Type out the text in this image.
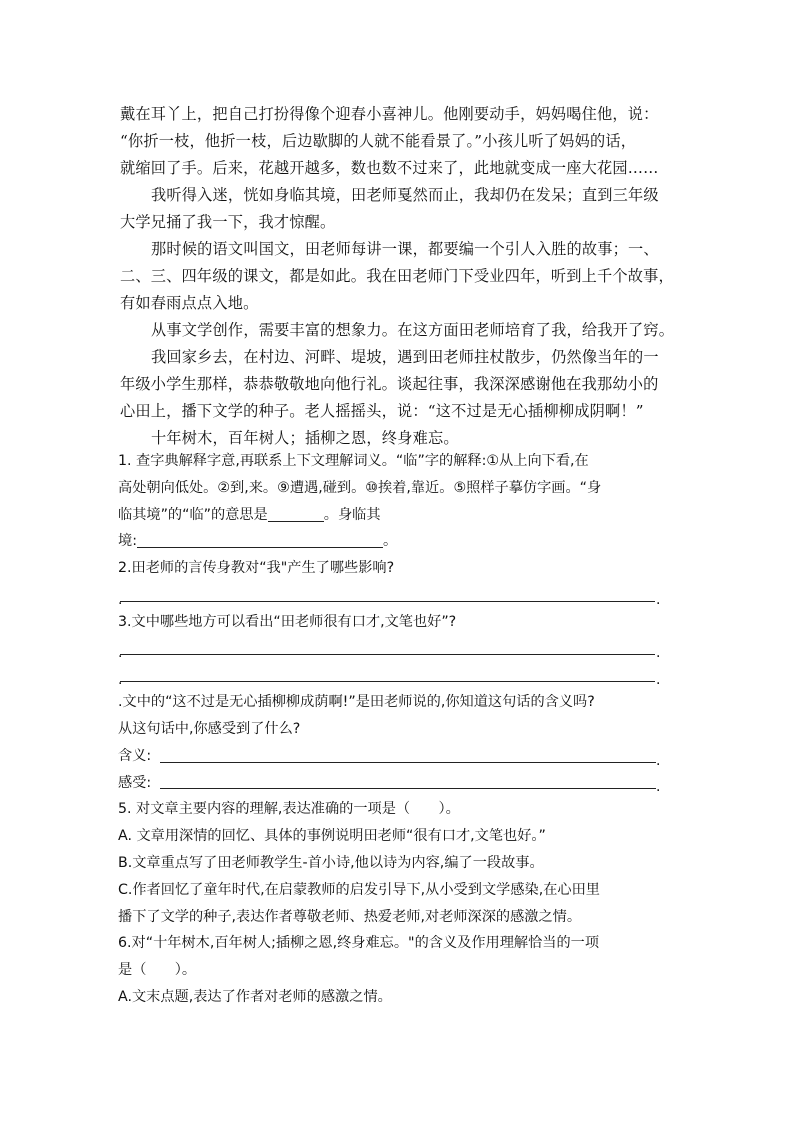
戴在耳丫上，把自己打扮得像个迎春小喜神儿。他刚要动手，妈妈喝住他，说：

“你折一枝，他折一枝，后边歇脚的人就不能看景了。”小孩儿听了妈妈的话，

就缩回了手。后来，花越开越多，数也数不过来了，此地就变成一座大花园……

我听得入迷，恍如身临其境，田老师戛然而止，我却仍在发呆；直到三年级

大学兄捅了我一下，我才惊醒。

那时候的语文叫国文，田老师每讲一课，都要编一个引人入胜的故事；一、

二、三、四年级的课文，都是如此。我在田老师门下受业四年，听到上千个故事，

有如春雨点点入地。

从事文学创作，需要丰富的想象力。在这方面田老师培育了我，给我开了窍。

我回家乡去，在村边、河畔、堤坡，遇到田老师拄杖散步，仍然像当年的一

年级小学生那样，恭恭敬敬地向他行礼。谈起往事，我深深感谢他在我那幼小的

心田上，播下文学的种子。老人摇摇头，说：“这不过是无心插柳柳成阴啊！”

十年树木，百年树人；插柳之恩，终身难忘。

1. 查字典解释字意,再联系上下文理解词义。“临”字的解释:①从上向下看,在

高处朝向低处。②到,来。⑨遭遇,碰到。⑩挨着,靠近。⑤照样子摹仿字画。“身

临其境”的“临”的意思是	。身临其

境:	。

2.田老师的言传身教对“我"产生了哪些影响?

.	.

3.文中哪些地方可以看出“田老师很有口才,文笔也好”?

.	.
.	.

.文中的“这不过是无心插柳柳成荫啊!”是田老师说的,你知道这句话的含义吗?

从这句话中,你感受到了什么?

含义:	.
感受:	.

5. 对文章主要内容的理解,表达准确的一项是（　　）。

A. 文章用深情的回忆、具体的事例说明田老师“很有口才,文笔也好。”

B.文章重点写了田老师教学生-首小诗,他以诗为内容,编了一段故事。

C.作者回忆了童年时代,在启蒙教师的启发引导下,从小受到文学感染,在心田里

播下了文学的种子,表达作者尊敬老师、热爱老师,对老师深深的感激之情。

6.对“十年树木,百年树人;插柳之恩,终身难忘。"的含义及作用理解恰当的一项

是（　　）。

A.文末点题,表达了作者对老师的感激之情。
